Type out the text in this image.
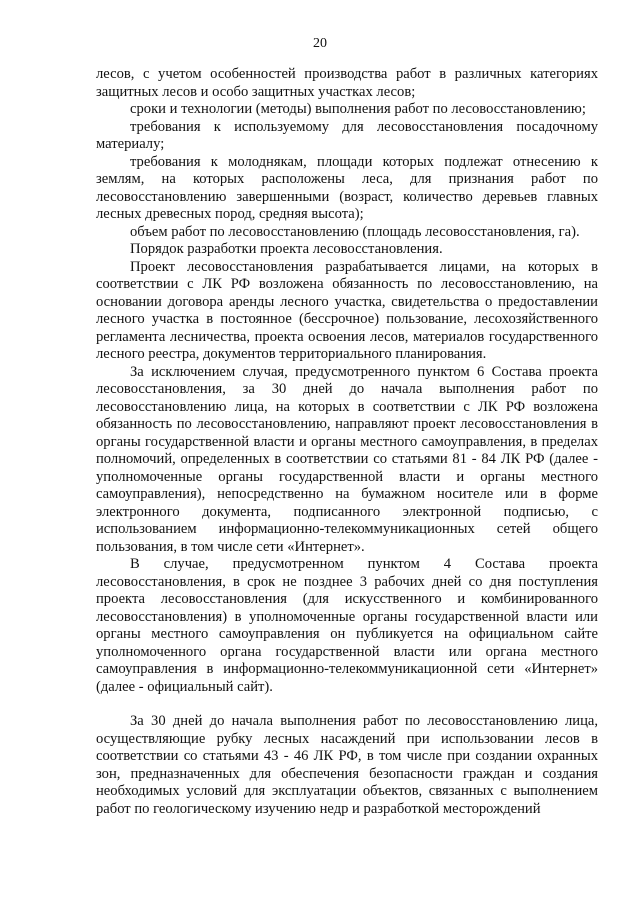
20

лесов, с учетом особенностей производства работ в различных категориях защитных лесов и особо защитных участках лесов;

сроки и технологии (методы) выполнения работ по лесовосстановлению;

требования к используемому для лесовосстановления посадочному материалу;

требования к молоднякам, площади которых подлежат отнесению к землям, на которых расположены леса, для признания работ по лесовосстановлению завершенными (возраст, количество деревьев главных лесных древесных пород, средняя высота);

объем работ по лесовосстановлению (площадь лесовосстановления, га).

Порядок разработки проекта лесовосстановления.

Проект лесовосстановления разрабатывается лицами, на которых в соответствии с ЛК РФ возложена обязанность по лесовосстановлению, на основании договора аренды лесного участка, свидетельства о предоставлении лесного участка в постоянное (бессрочное) пользование, лесохозяйственного регламента лесничества, проекта освоения лесов, материалов государственного лесного реестра, документов территориального планирования.

За исключением случая, предусмотренного пунктом 6 Состава проекта лесовосстановления, за 30 дней до начала выполнения работ по лесовосстановлению лица, на которых в соответствии с ЛК РФ возложена обязанность по лесовосстановлению, направляют проект лесовосстановления в органы государственной власти и органы местного самоуправления, в пределах полномочий, определенных в соответствии со статьями 81 - 84 ЛК РФ (далее - уполномоченные органы государственной власти и органы местного самоуправления), непосредственно на бумажном носителе или в форме электронного документа, подписанного электронной подписью, с использованием информационно-телекоммуникационных сетей общего пользования, в том числе сети «Интернет».

В случае, предусмотренном пунктом 4 Состава проекта лесовосстановления, в срок не позднее 3 рабочих дней со дня поступления проекта лесовосстановления (для искусственного и комбинированного лесовосстановления) в уполномоченные органы государственной власти или органы местного самоуправления он публикуется на официальном сайте уполномоченного органа государственной власти или органа местного самоуправления в информационно-телекоммуникационной сети «Интернет» (далее - официальный сайт).

За 30 дней до начала выполнения работ по лесовосстановлению лица, осуществляющие рубку лесных насаждений при использовании лесов в соответствии со статьями 43 - 46 ЛК РФ, в том числе при создании охранных зон, предназначенных для обеспечения безопасности граждан и создания необходимых условий для эксплуатации объектов, связанных с выполнением работ по геологическому изучению недр и разработкой месторождений
